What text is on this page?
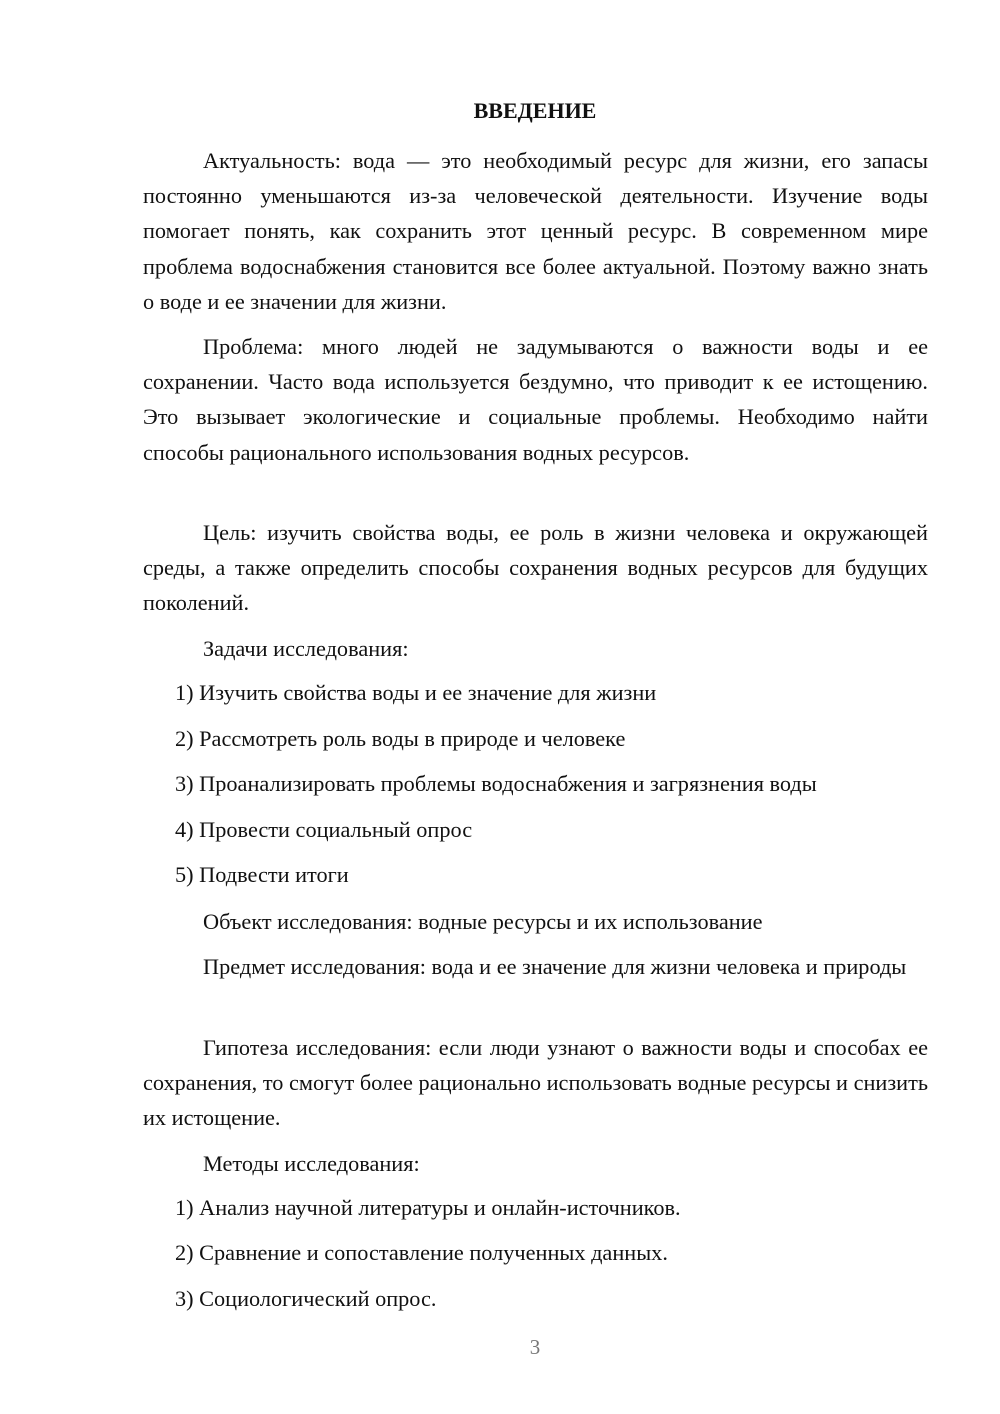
ВВЕДЕНИЕ

Актуальность: вода — это необходимый ресурс для жизни, его запасы постоянно уменьшаются из-за человеческой деятельности. Изучение воды помогает понять, как сохранить этот ценный ресурс. В современном мире проблема водоснабжения становится все более актуальной. Поэтому важно знать о воде и ее значении для жизни.

Проблема: много людей не задумываются о важности воды и ее сохранении. Часто вода используется бездумно, что приводит к ее истощению. Это вызывает экологические и социальные проблемы. Необходимо найти способы рационального использования водных ресурсов.

Цель: изучить свойства воды, ее роль в жизни человека и окружающей среды, а также определить способы сохранения водных ресурсов для будущих поколений.

Задачи исследования:

1) Изучить свойства воды и ее значение для жизни

2) Рассмотреть роль воды в природе и человеке

3) Проанализировать проблемы водоснабжения и загрязнения воды

4) Провести социальный опрос

5) Подвести итоги

Объект исследования: водные ресурсы и их использование

Предмет исследования: вода и ее значение для жизни человека и природы

Гипотеза исследования: если люди узнают о важности воды и способах ее сохранения, то смогут более рационально использовать водные ресурсы и снизить их истощение.

Методы исследования:

1) Анализ научной литературы и онлайн-источников.

2) Сравнение и сопоставление полученных данных.

3) Социологический опрос.

3
